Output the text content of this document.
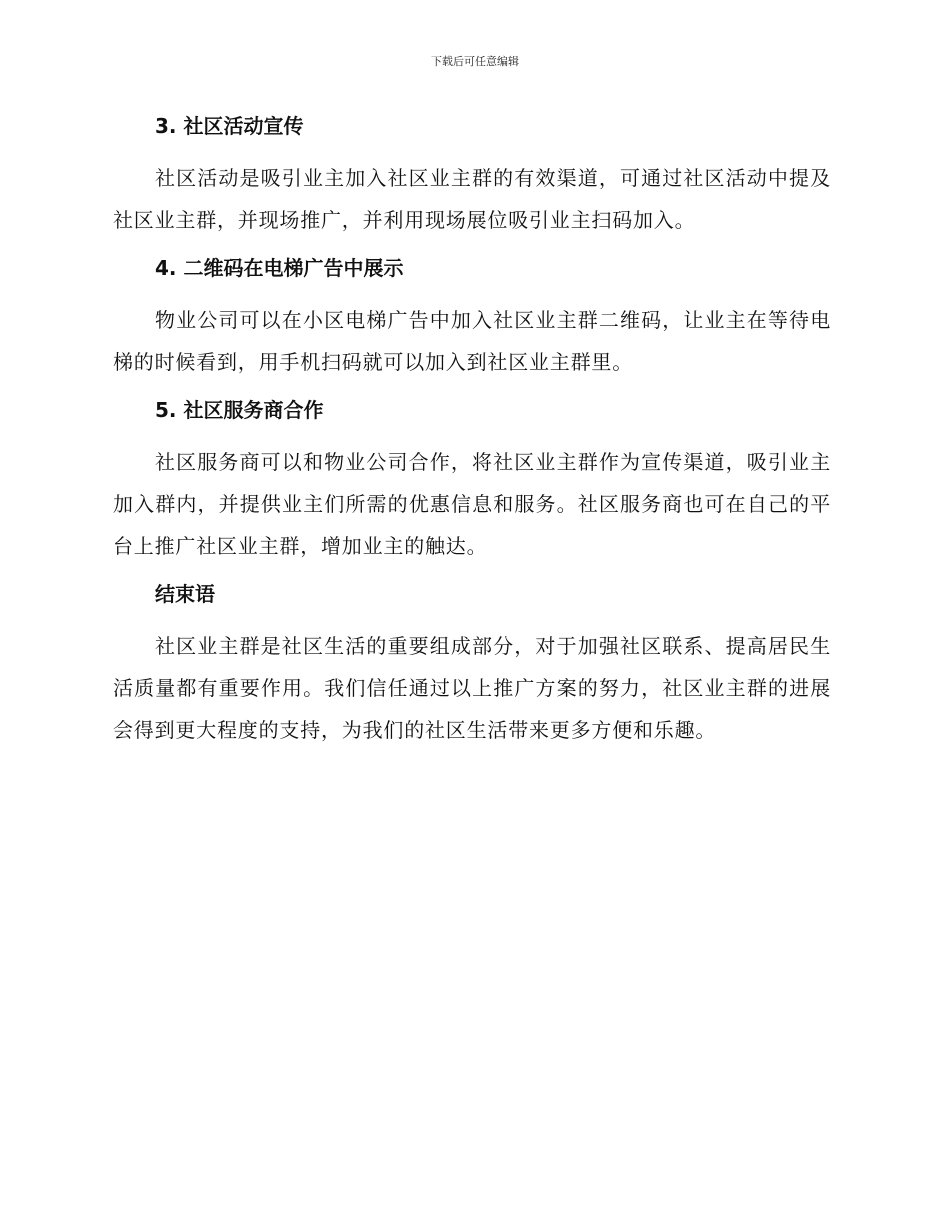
下载后可任意编辑
3. 社区活动宣传

社区活动是吸引业主加入社区业主群的有效渠道，可通过社区活动中提及社区业主群，并现场推广，并利用现场展位吸引业主扫码加入。

4. 二维码在电梯广告中展示

物业公司可以在小区电梯广告中加入社区业主群二维码，让业主在等待电梯的时候看到，用手机扫码就可以加入到社区业主群里。

5. 社区服务商合作

社区服务商可以和物业公司合作，将社区业主群作为宣传渠道，吸引业主加入群内，并提供业主们所需的优惠信息和服务。社区服务商也可在自己的平台上推广社区业主群，增加业主的触达。

结束语

社区业主群是社区生活的重要组成部分，对于加强社区联系、提高居民生活质量都有重要作用。我们信任通过以上推广方案的努力，社区业主群的进展会得到更大程度的支持，为我们的社区生活带来更多方便和乐趣。
